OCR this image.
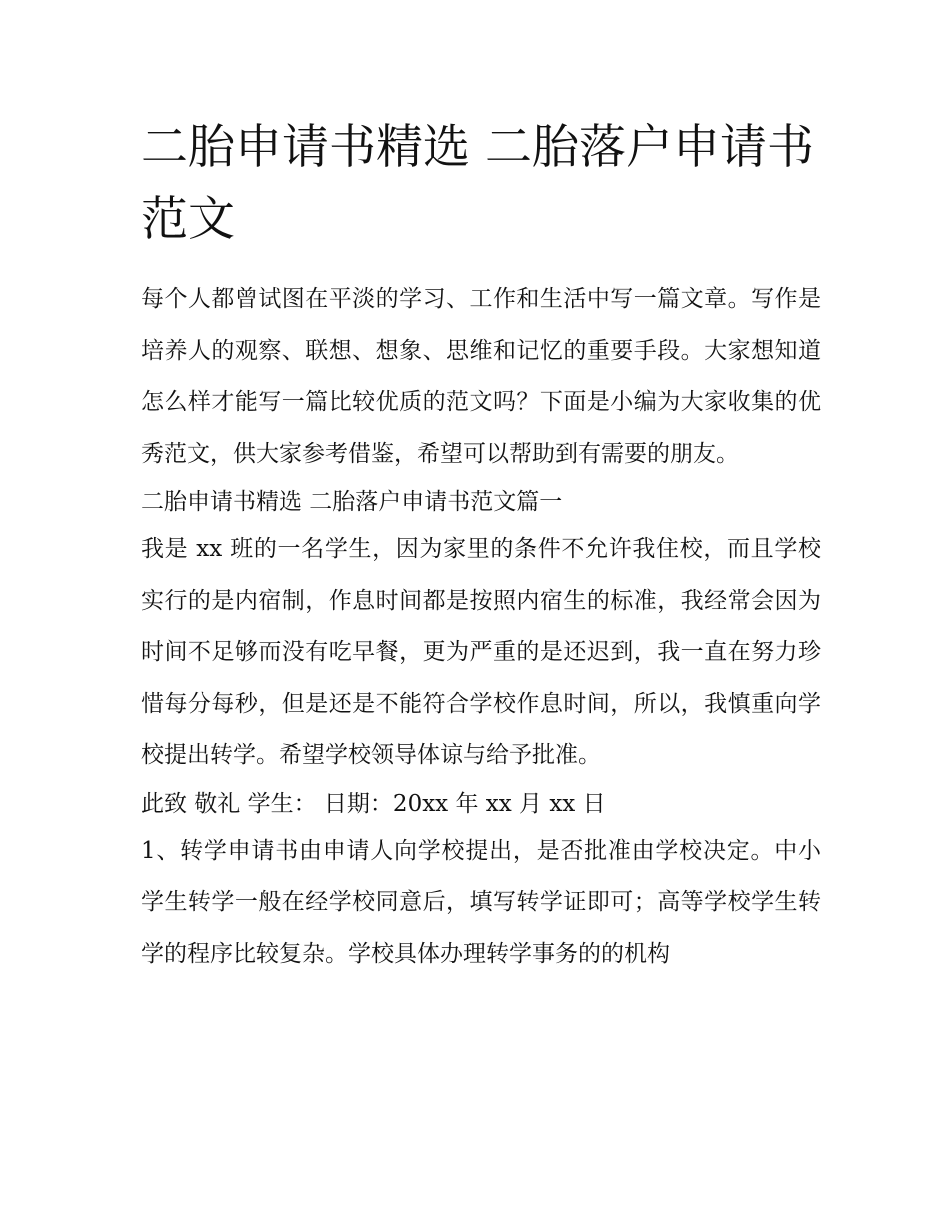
二胎申请书精选 二胎落户申请书范文

每个人都曾试图在平淡的学习、工作和生活中写一篇文章。写作是培养人的观察、联想、想象、思维和记忆的重要手段。大家想知道怎么样才能写一篇比较优质的范文吗？下面是小编为大家收集的优秀范文，供大家参考借鉴，希望可以帮助到有需要的朋友。

二胎申请书精选 二胎落户申请书范文篇一

我是 xx 班的一名学生，因为家里的条件不允许我住校，而且学校实行的是内宿制，作息时间都是按照内宿生的标准，我经常会因为时间不足够而没有吃早餐，更为严重的是还迟到，我一直在努力珍惜每分每秒，但是还是不能符合学校作息时间，所以，我慎重向学校提出转学。希望学校领导体谅与给予批准。

此致 敬礼 学生： 日期：20xx 年 xx 月 xx 日

1、转学申请书由申请人向学校提出，是否批准由学校决定。中小学生转学一般在经学校同意后，填写转学证即可；高等学校学生转学的程序比较复杂。学校具体办理转学事务的的机构
